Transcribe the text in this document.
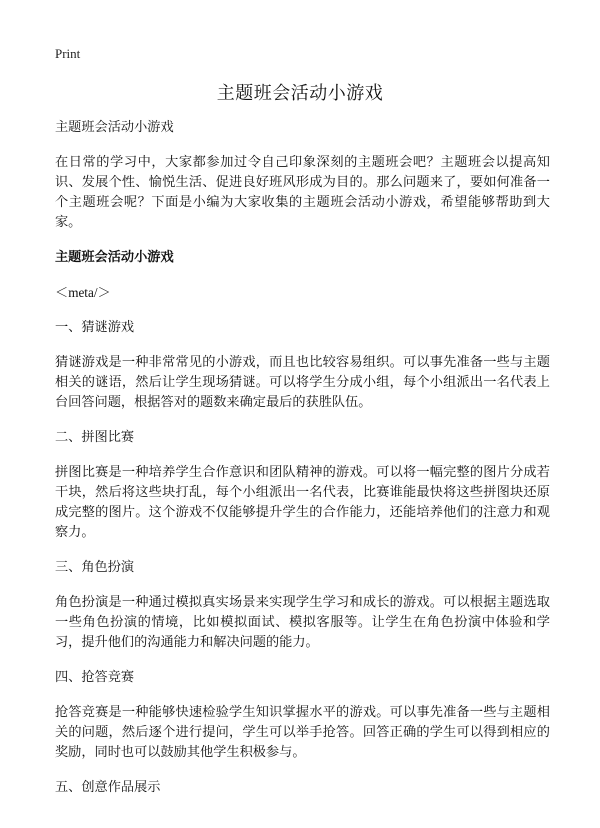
Print
主题班会活动小游戏

主题班会活动小游戏

在日常的学习中，大家都参加过令自己印象深刻的主题班会吧？主题班会以提高知识、发展个性、愉悦生活、促进良好班风形成为目的。那么问题来了，要如何准备一个主题班会呢？下面是小编为大家收集的主题班会活动小游戏，希望能够帮助到大家。

主题班会活动小游戏

＜meta/＞

一、猜谜游戏

猜谜游戏是一种非常常见的小游戏，而且也比较容易组织。可以事先准备一些与主题相关的谜语，然后让学生现场猜谜。可以将学生分成小组，每个小组派出一名代表上台回答问题，根据答对的题数来确定最后的获胜队伍。

二、拼图比赛

拼图比赛是一种培养学生合作意识和团队精神的游戏。可以将一幅完整的图片分成若干块，然后将这些块打乱，每个小组派出一名代表，比赛谁能最快将这些拼图块还原成完整的图片。这个游戏不仅能够提升学生的合作能力，还能培养他们的注意力和观察力。

三、角色扮演

角色扮演是一种通过模拟真实场景来实现学生学习和成长的游戏。可以根据主题选取一些角色扮演的情境，比如模拟面试、模拟客服等。让学生在角色扮演中体验和学习，提升他们的沟通能力和解决问题的能力。

四、抢答竞赛

抢答竞赛是一种能够快速检验学生知识掌握水平的游戏。可以事先准备一些与主题相关的问题，然后逐个进行提问，学生可以举手抢答。回答正确的学生可以得到相应的奖励，同时也可以鼓励其他学生积极参与。

五、创意作品展示
